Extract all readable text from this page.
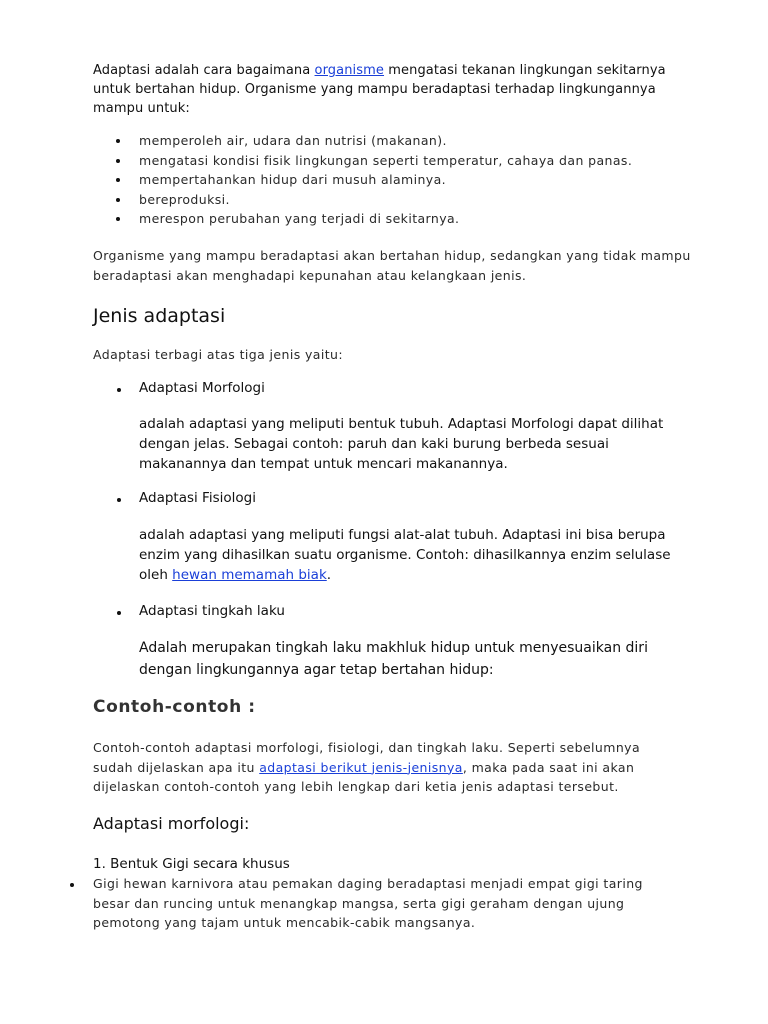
Adaptasi adalah cara bagaimana organisme mengatasi tekanan lingkungan sekitarnya untuk bertahan hidup. Organisme yang mampu beradaptasi terhadap lingkungannya mampu untuk:

memperoleh air, udara dan nutrisi (makanan).
mengatasi kondisi fisik lingkungan seperti temperatur, cahaya dan panas.
mempertahankan hidup dari musuh alaminya.
bereproduksi.
merespon perubahan yang terjadi di sekitarnya.

Organisme yang mampu beradaptasi akan bertahan hidup, sedangkan yang tidak mampu beradaptasi akan menghadapi kepunahan atau kelangkaan jenis.

Jenis adaptasi

Adaptasi terbagi atas tiga jenis yaitu:

Adaptasi Morfologi

adalah adaptasi yang meliputi bentuk tubuh. Adaptasi Morfologi dapat dilihat dengan jelas. Sebagai contoh: paruh dan kaki burung berbeda sesuai makanannya dan tempat untuk mencari makanannya.

Adaptasi Fisiologi

adalah adaptasi yang meliputi fungsi alat-alat tubuh. Adaptasi ini bisa berupa enzim yang dihasilkan suatu organisme. Contoh: dihasilkannya enzim selulase oleh hewan memamah biak.

Adaptasi tingkah laku

Adalah merupakan tingkah laku makhluk hidup untuk menyesuaikan diri dengan lingkungannya agar tetap bertahan hidup:

Contoh-contoh :

Contoh-contoh adaptasi morfologi, fisiologi, dan tingkah laku. Seperti sebelumnya sudah dijelaskan apa itu adaptasi berikut jenis-jenisnya, maka pada saat ini akan dijelaskan contoh-contoh yang lebih lengkap dari ketia jenis adaptasi tersebut.

Adaptasi morfologi:

1. Bentuk Gigi secara khusus

Gigi hewan karnivora atau pemakan daging beradaptasi menjadi empat gigi taring besar dan runcing untuk menangkap mangsa, serta gigi geraham dengan ujung pemotong yang tajam untuk mencabik-cabik mangsanya.
